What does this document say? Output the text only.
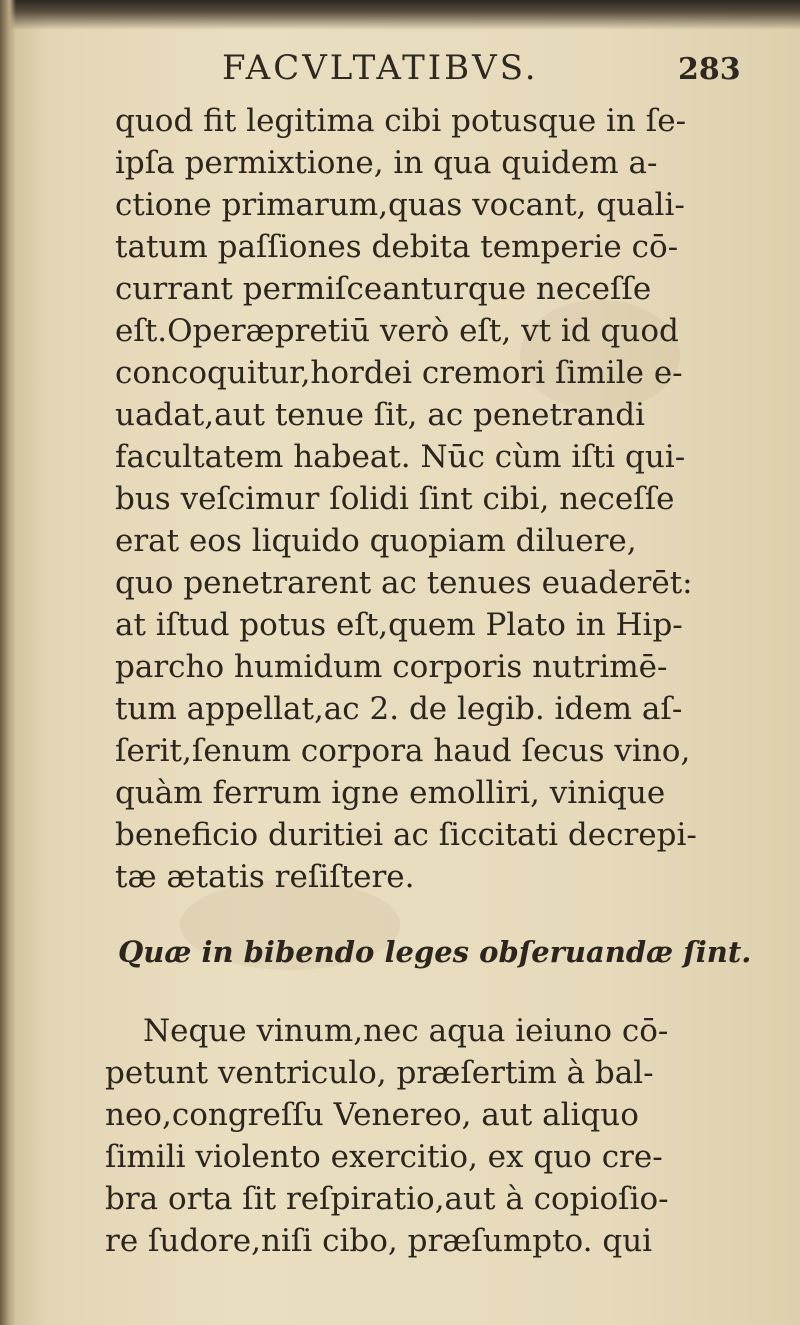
FACVLTATIBVS.	283
quod fit legitima cibi potusque in ſe-
ipſa permixtione, in qua quidem a-
ctione primarum,quas vocant, quali-
tatum paſſiones debita temperie cō-
currant permiſceanturque neceſſe
eſt.Operæpretiū verò eſt, vt id quod
concoquitur,hordei cremori ſimile e-
uadat,aut tenue ſit, ac penetrandi
facultatem habeat. Nūc cùm iſti qui-
bus veſcimur ſolidi ſint cibi, neceſſe
erat eos liquido quopiam diluere,
quo penetrarent ac tenues euaderēt:
at iſtud potus eſt,quem Plato in Hip-
parcho humidum corporis nutrimē-
tum appellat,ac 2. de legib. idem aſ-
ſerit,ſenum corpora haud ſecus vino,
quàm ferrum igne emolliri, vinique
beneficio duritiei ac ſiccitati decrepi-
tæ ætatis reſiſtere.
Quæ in bibendo leges obſeruandæ ſint.
Neque vinum,nec aqua ieiuno cō-
petunt ventriculo, præſertim à bal-
neo,congreſſu Venereo, aut aliquo
ſimili violento exercitio, ex quo cre-
bra orta ſit reſpiratio,aut à copioſio-
re ſudore,niſi cibo, præſumpto. qui
